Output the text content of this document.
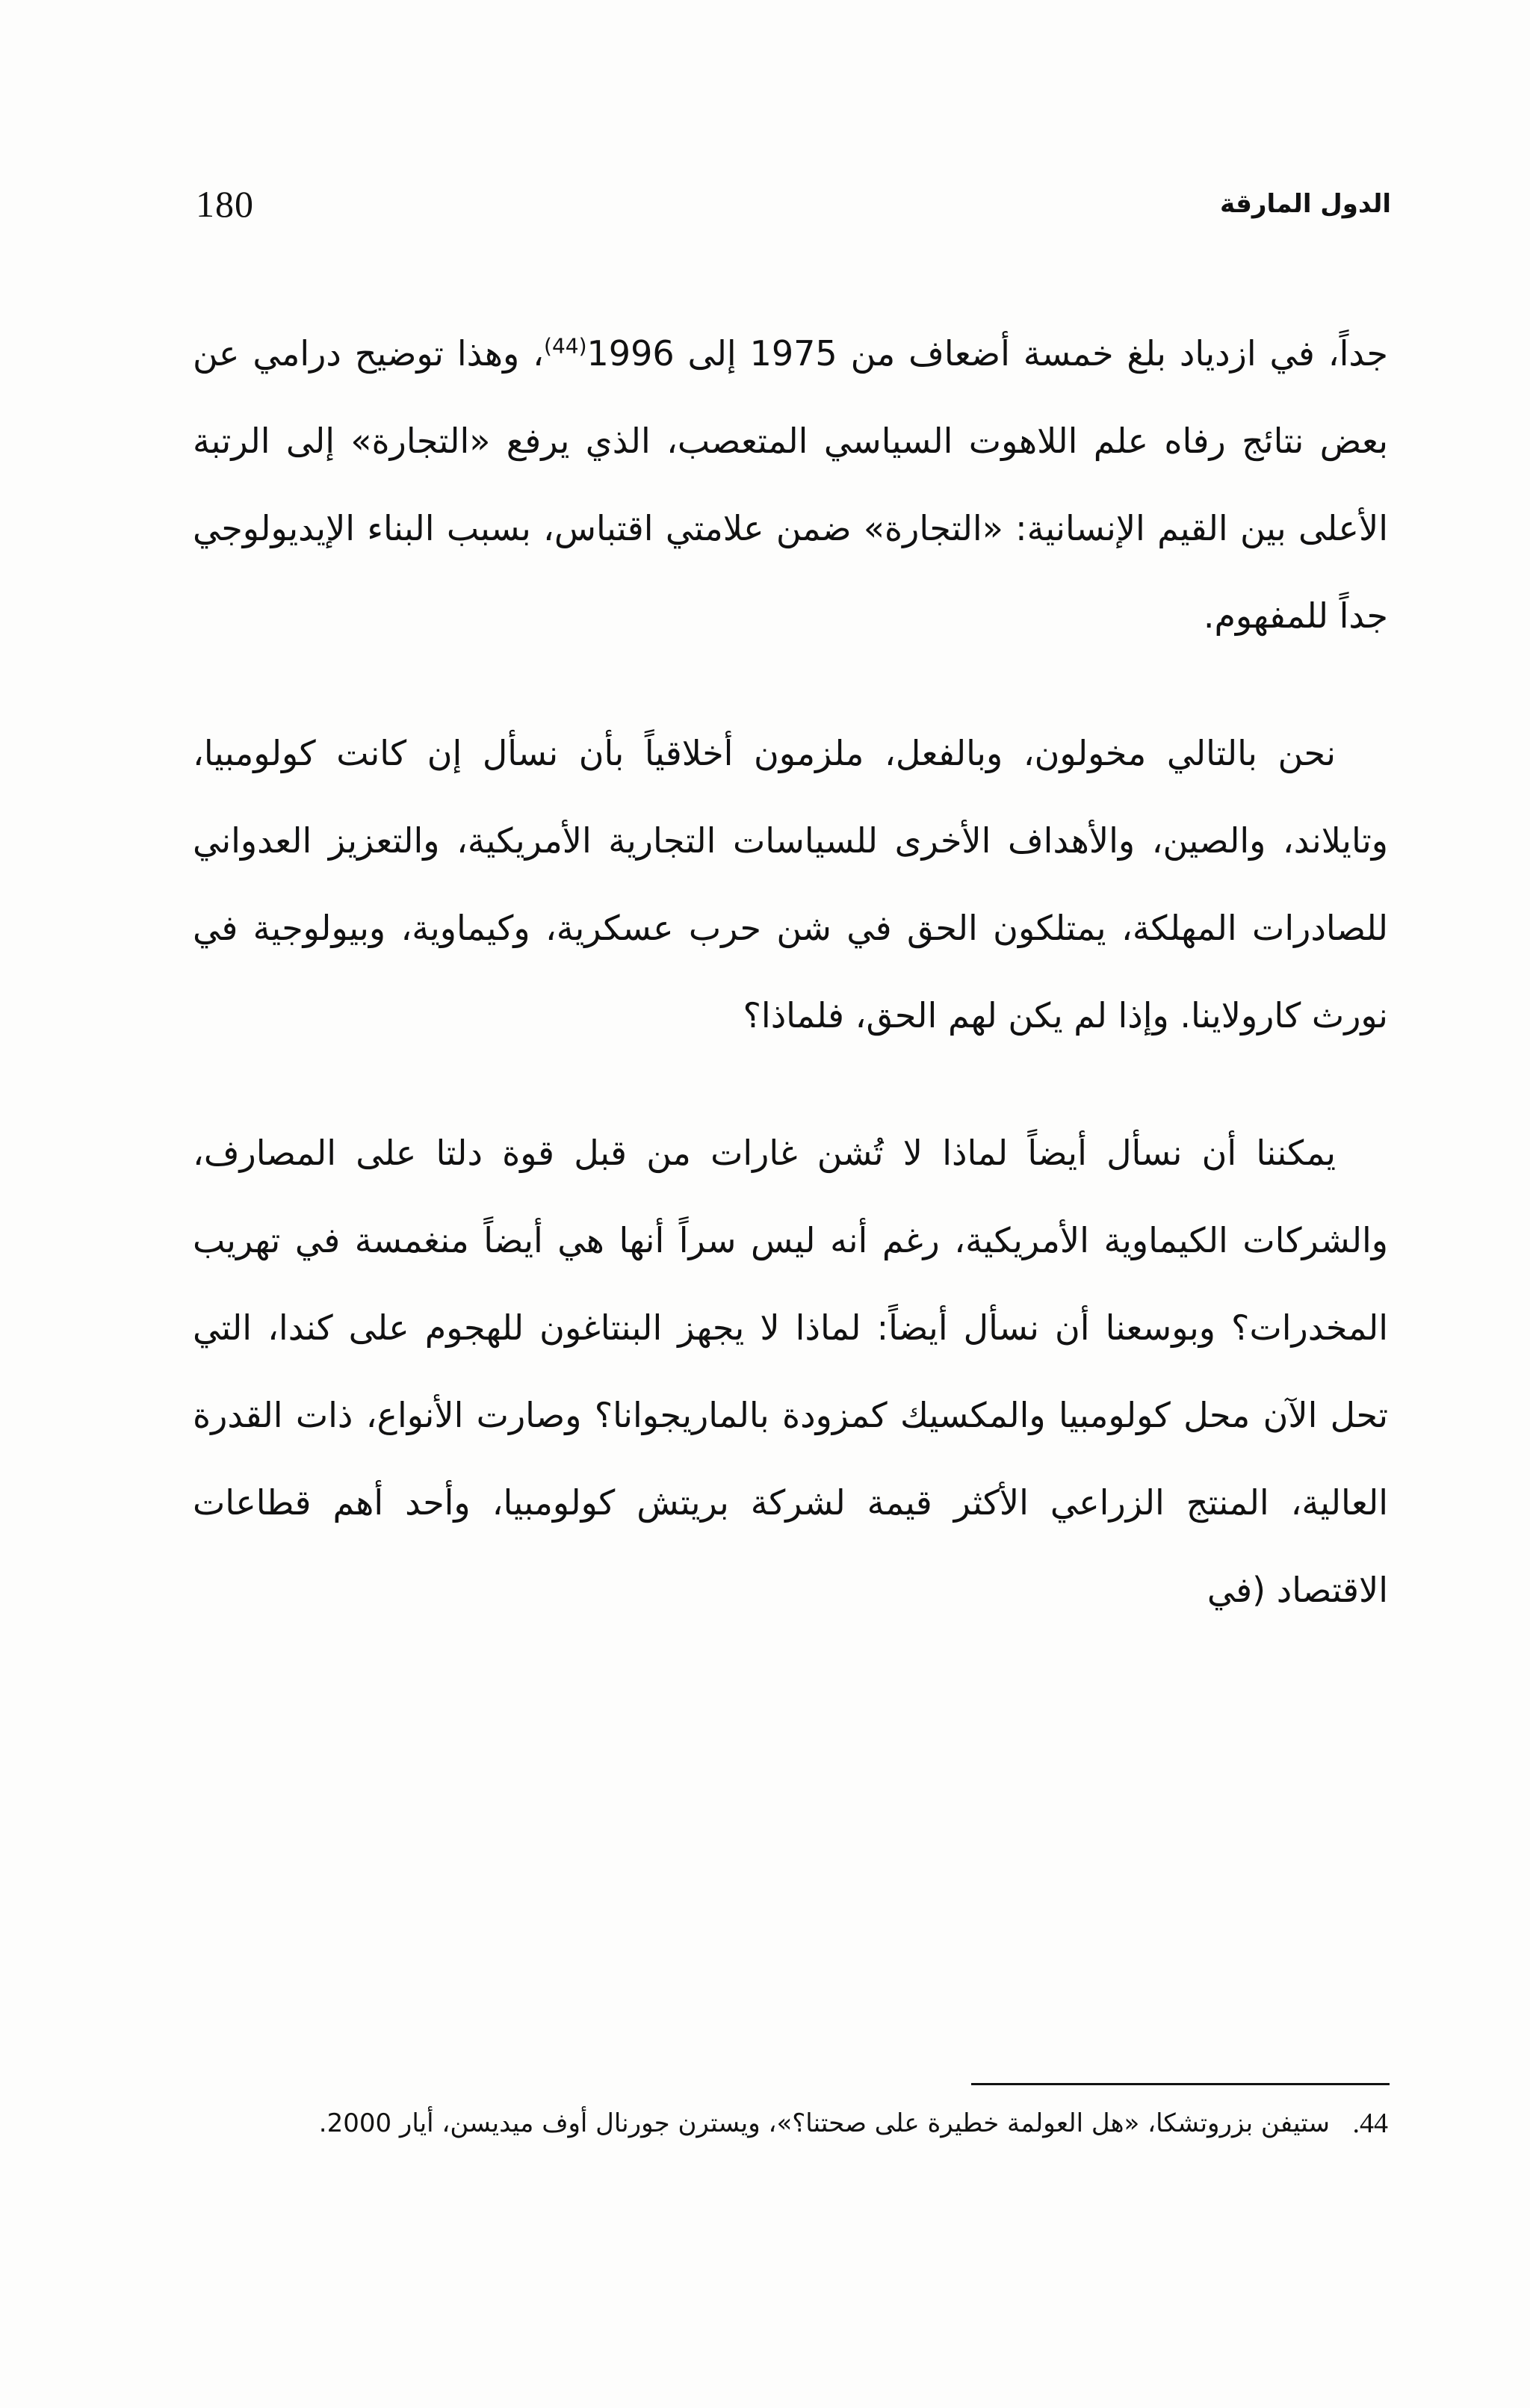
180	الدول المارقة

جداً، في ازدياد بلغ خمسة أضعاف من 1975 إلى 1996$^{(44)}$، وهذا توضيح درامي عن بعض نتائج رفاه علم اللاهوت السياسي المتعصب، الذي يرفع «التجارة» إلى الرتبة الأعلى بين القيم الإنسانية: «التجارة» ضمن علامتي اقتباس، بسبب البناء الإيديولوجي جداً للمفهوم.

نحن بالتالي مخولون، وبالفعل، ملزمون أخلاقياً بأن نسأل إن كانت كولومبيا، وتايلاند، والصين، والأهداف الأخرى للسياسات التجارية الأمريكية، والتعزيز العدواني للصادرات المهلكة، يمتلكون الحق في شن حرب عسكرية، وكيماوية، وبيولوجية في نورث كارولاينا. وإذا لم يكن لهم الحق، فلماذا؟

يمكننا أن نسأل أيضاً لماذا لا تُشن غارات من قبل قوة دلتا على المصارف، والشركات الكيماوية الأمريكية، رغم أنه ليس سراً أنها هي أيضاً منغمسة في تهريب المخدرات؟ وبوسعنا أن نسأل أيضاً: لماذا لا يجهز البنتاغون للهجوم على كندا، التي تحل الآن محل كولومبيا والمكسيك كمزودة بالماريجوانا؟ وصارت الأنواع، ذات القدرة العالية، المنتج الزراعي الأكثر قيمة لشركة بريتش كولومبيا، وأحد أهم قطاعات الاقتصاد (في

44.
ستيفن بزروتشكا، «هل العولمة خطيرة على صحتنا؟»، ويسترن جورنال أوف ميديسن، أيار 2000.
